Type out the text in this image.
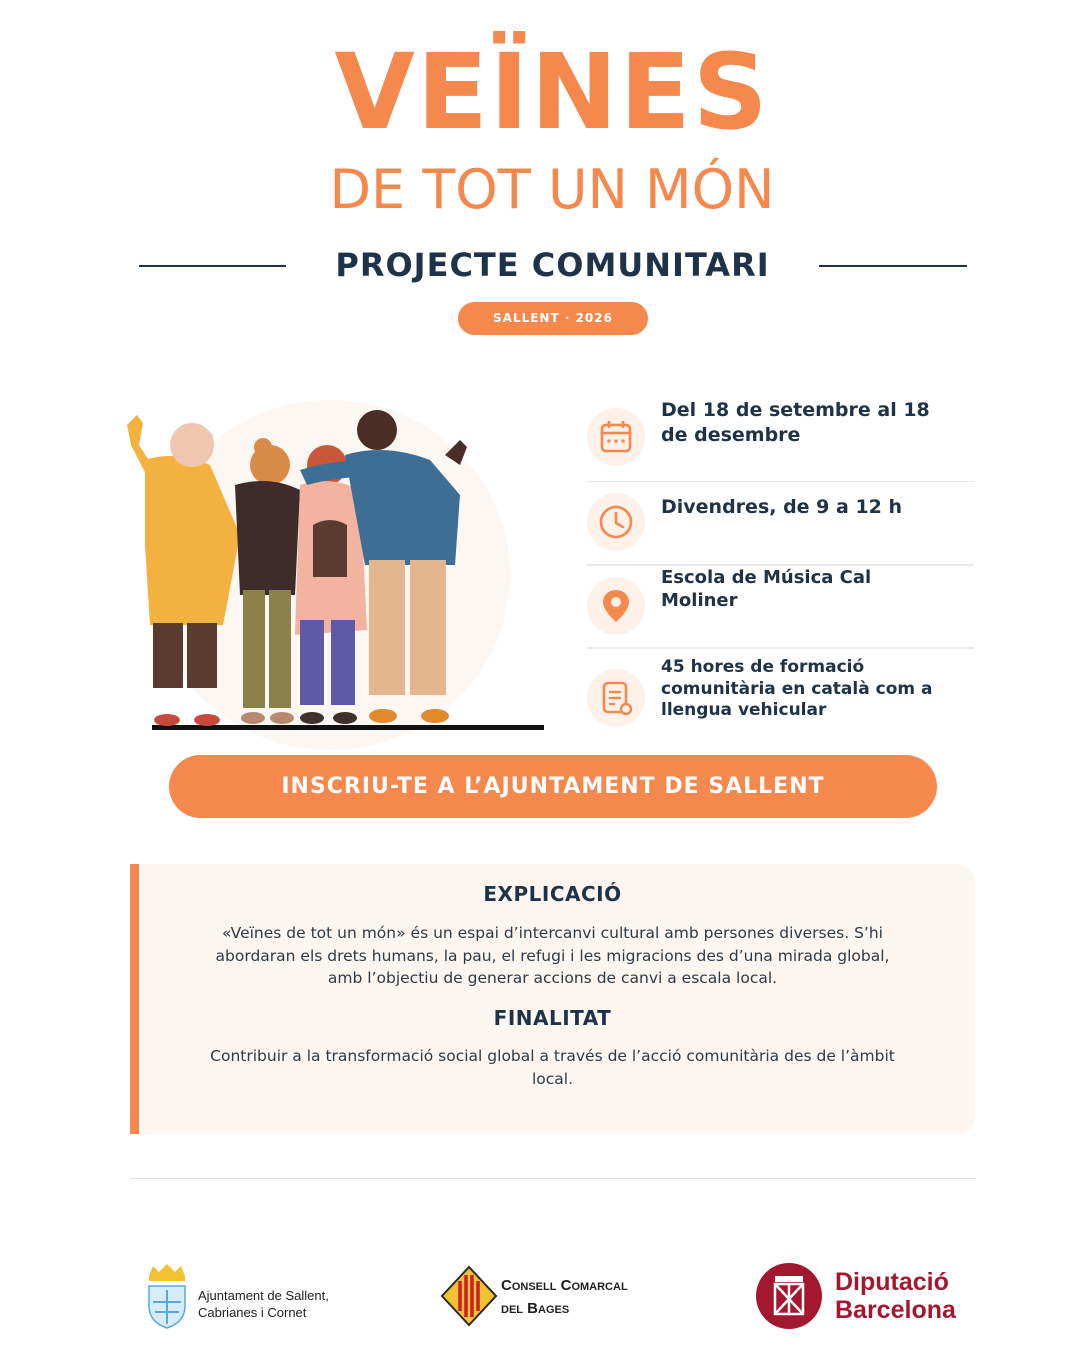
VEÏNES
DE TOT UN MÓN
PROJECTE COMUNITARI
SALLENT · 2026
Del 18 de setembre al 18
de desembre
Divendres, de 9 a 12 h
Escola de Música Cal
Moliner
45 hores de formació
comunitària en català com a
llengua vehicular
INSCRIU-TE A L’AJUNTAMENT DE SALLENT
EXPLICACIÓ
«Veïnes de tot un món» és un espai d’intercanvi cultural amb persones diverses. S’hi
abordaran els drets humans, la pau, el refugi i les migracions des d’una mirada global,
amb l’objectiu de generar accions de canvi a escala local.
FINALITAT
Contribuir a la transformació social global a través de l’acció comunitària des de l’àmbit
local.
Ajuntament de Sallent,
Cabrianes i Cornet
Consell Comarcal
del Bages
Diputació
Barcelona
